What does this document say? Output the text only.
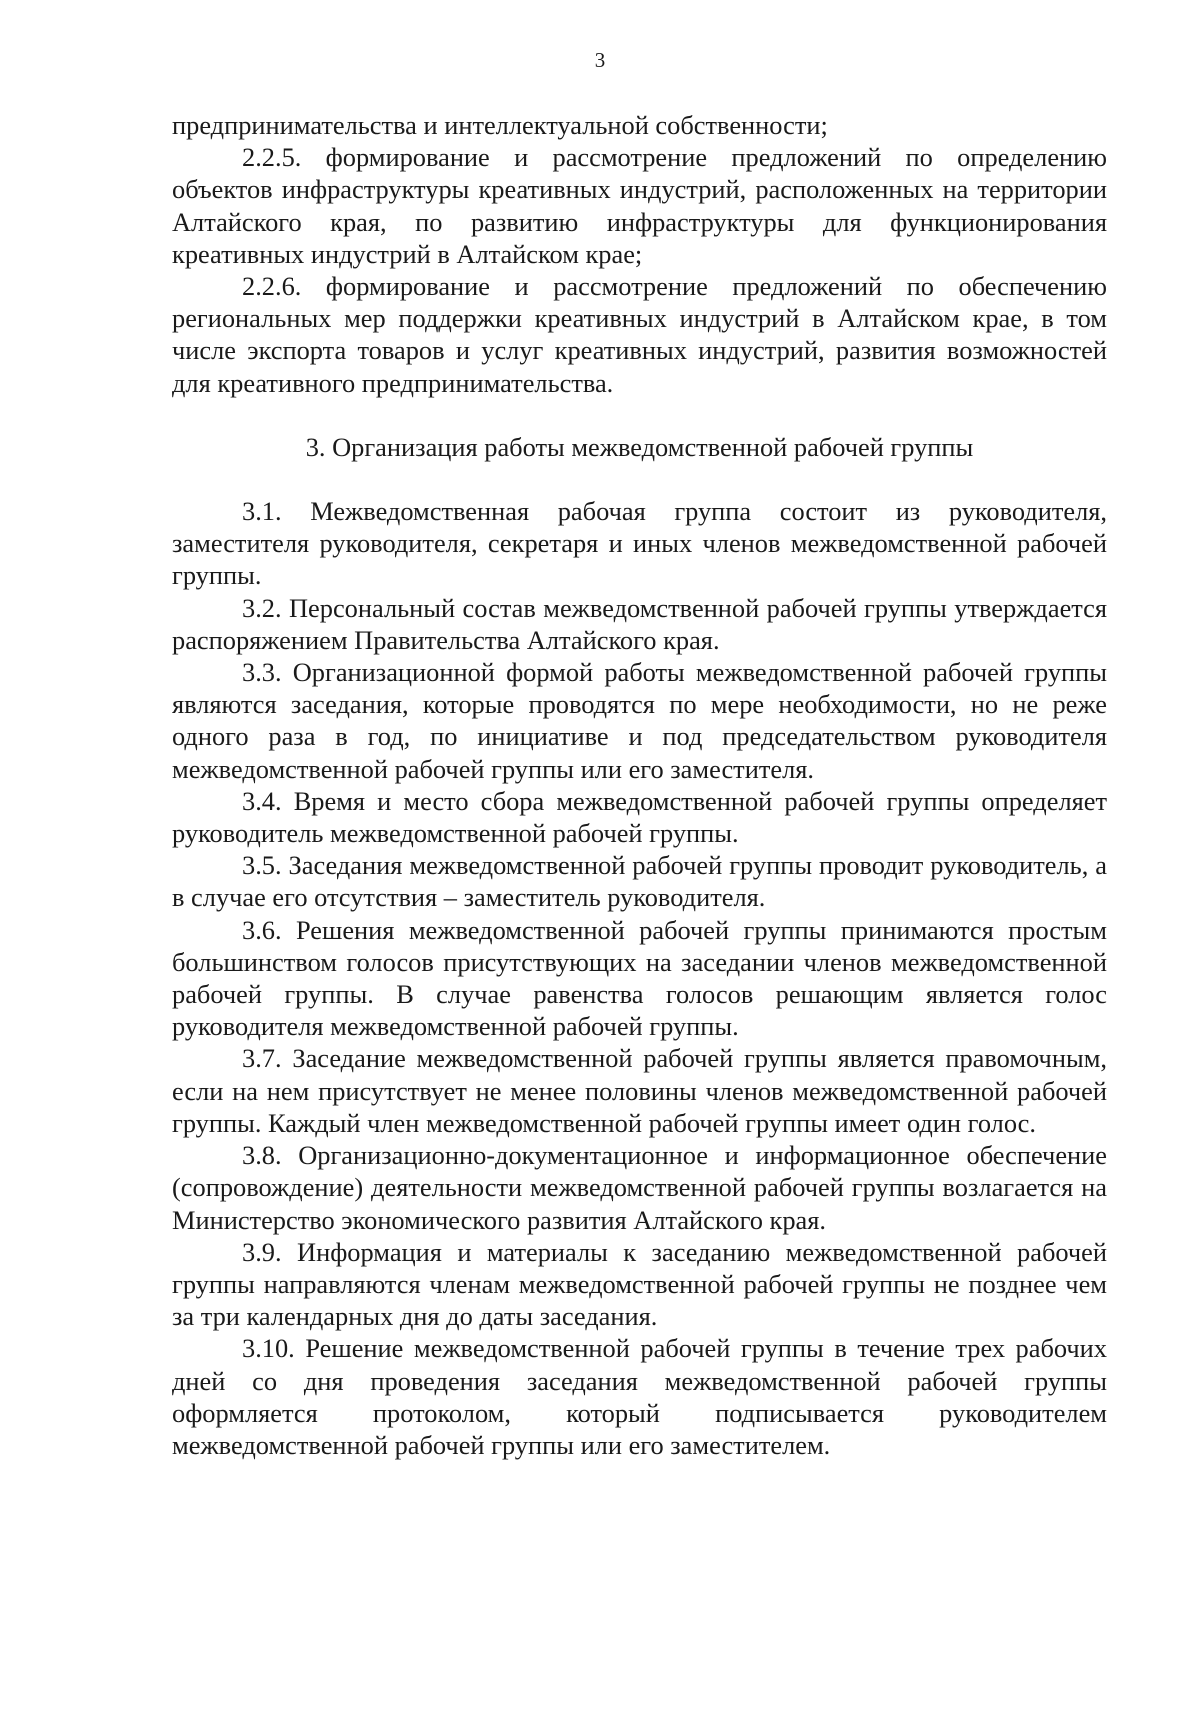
3

предпринимательства и интеллектуальной собственности;

2.2.5. формирование и рассмотрение предложений по определению объектов инфраструктуры креативных индустрий, расположенных на территории Алтайского края, по развитию инфраструктуры для функционирования креативных индустрий в Алтайском крае;

2.2.6. формирование и рассмотрение предложений по обеспечению региональных мер поддержки креативных индустрий в Алтайском крае, в том числе экспорта товаров и услуг креативных индустрий, развития возможностей для креативного предпринимательства.

3. Организация работы межведомственной рабочей группы

3.1. Межведомственная рабочая группа состоит из руководителя, заместителя руководителя, секретаря и иных членов межведомственной рабочей группы.

3.2. Персональный состав межведомственной рабочей группы утверждается распоряжением Правительства Алтайского края.

3.3. Организационной формой работы межведомственной рабочей группы являются заседания, которые проводятся по мере необходимости, но не реже одного раза в год, по инициативе и под председательством руководителя межведомственной рабочей группы или его заместителя.

3.4. Время и место сбора межведомственной рабочей группы определяет руководитель межведомственной рабочей группы.

3.5. Заседания межведомственной рабочей группы проводит руководитель, а в случае его отсутствия – заместитель руководителя.

3.6. Решения межведомственной рабочей группы принимаются простым большинством голосов присутствующих на заседании членов межведомственной рабочей группы. В случае равенства голосов решающим является голос руководителя межведомственной рабочей группы.

3.7. Заседание межведомственной рабочей группы является правомочным, если на нем присутствует не менее половины членов межведомственной рабочей группы. Каждый член межведомственной рабочей группы имеет один голос.

3.8. Организационно-документационное и информационное обеспечение (сопровождение) деятельности межведомственной рабочей группы возлагается на Министерство экономического развития Алтайского края.

3.9. Информация и материалы к заседанию межведомственной рабочей группы направляются членам межведомственной рабочей группы не позднее чем за три календарных дня до даты заседания.

3.10. Решение межведомственной рабочей группы в течение трех рабочих дней со дня проведения заседания межведомственной рабочей группы оформляется протоколом, который подписывается руководителем межведомственной рабочей группы или его заместителем.
